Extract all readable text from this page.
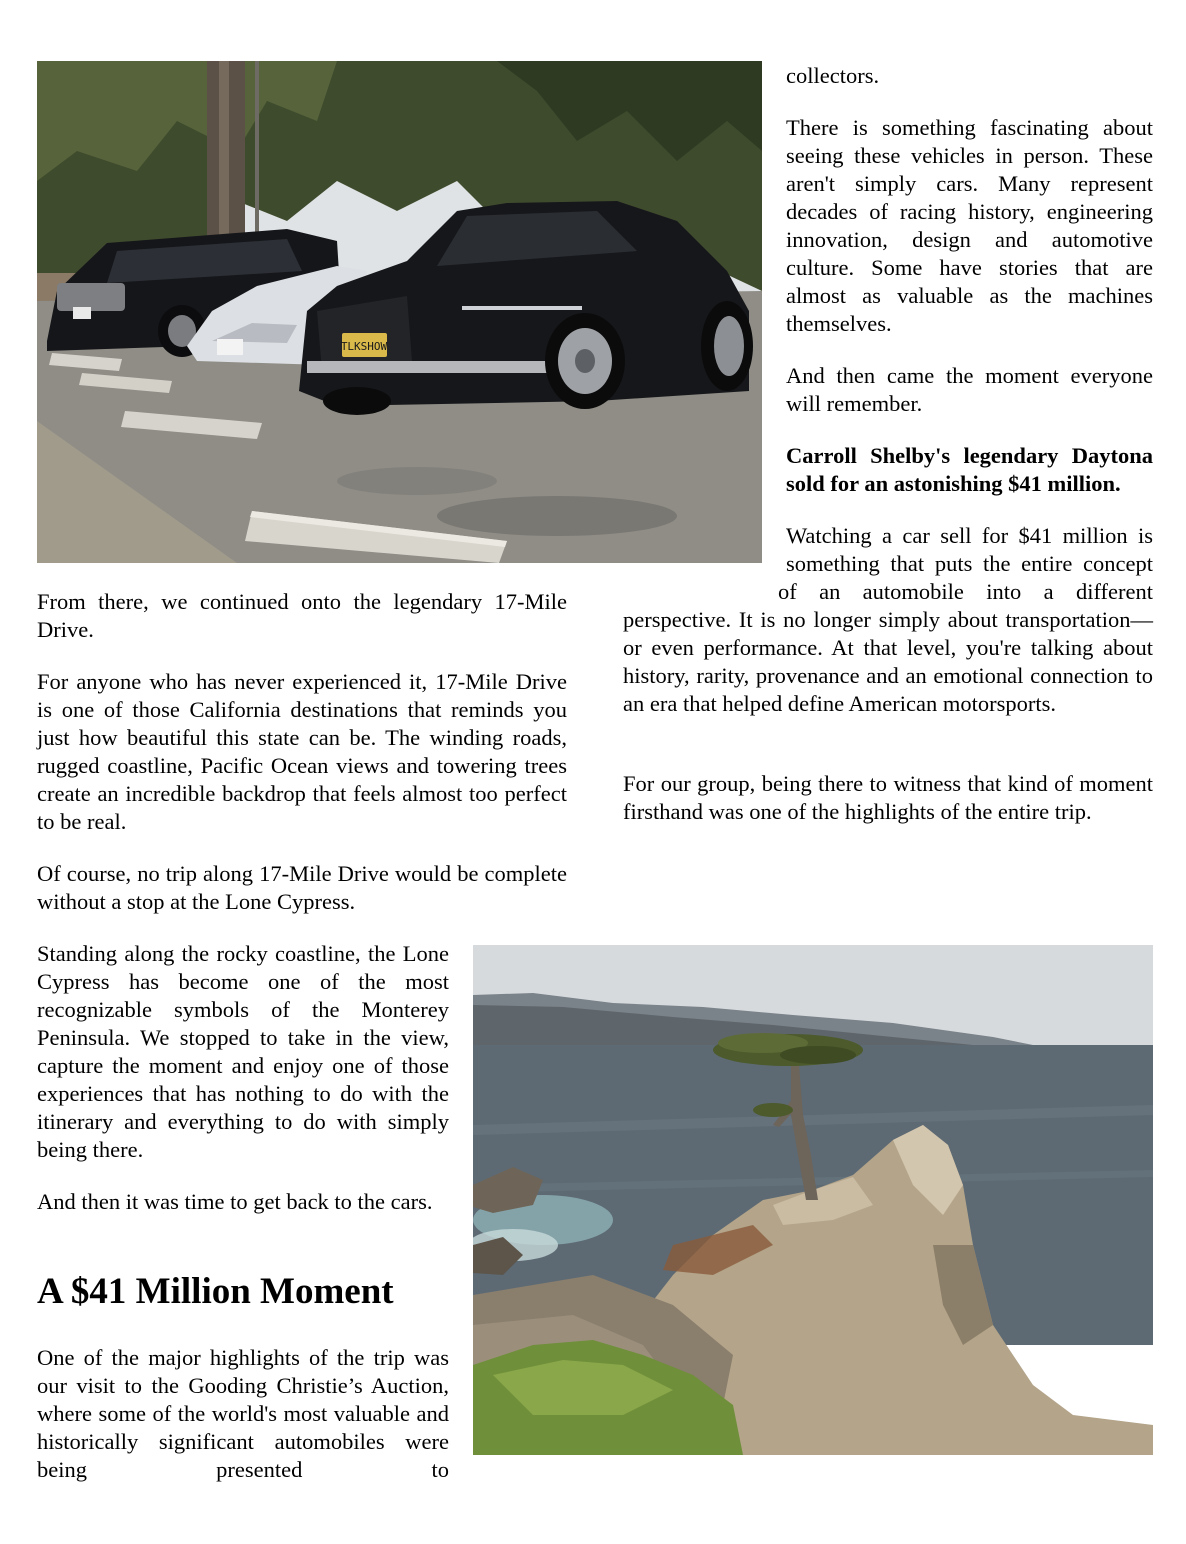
TLKSHOW

collectors.

There is something fascinating about seeing these vehicles in person. These aren't simply cars. Many represent decades of racing history, engineering innovation, design and automotive culture. Some have stories that are almost as valuable as the machines themselves.

And then came the moment everyone will remember.

Carroll Shelby's legendary Daytona sold for an astonishing $41 million.

Watching a car sell for $41 million is

something that puts the entire concept

of an automobile into a different

perspective. It is no longer simply about transportation—or even performance. At that level, you're talking about history, rarity, provenance and an emotional connection to an era that helped define American motorsports.

For our group, being there to witness that kind of moment firsthand was one of the highlights of the entire trip.

From there, we continued onto the legendary 17-Mile Drive.

For anyone who has never experienced it, 17-Mile Drive is one of those California destinations that reminds you just how beautiful this state can be. The winding roads, rugged coastline, Pacific Ocean views and towering trees create an incredible backdrop that feels almost too perfect to be real.

Of course, no trip along 17-Mile Drive would be complete without a stop at the Lone Cypress.

Standing along the rocky coastline, the Lone Cypress has become one of the most recognizable symbols of the Monterey Peninsula. We stopped to take in the view, capture the moment and enjoy one of those experiences that has nothing to do with the itinerary and everything to do with simply being there.

And then it was time to get back to the cars.

A $41 Million Moment

One of the major highlights of the trip was our visit to the Gooding Christie’s Auction, where some of the world's most valuable and historically significant automobiles were being presented to
